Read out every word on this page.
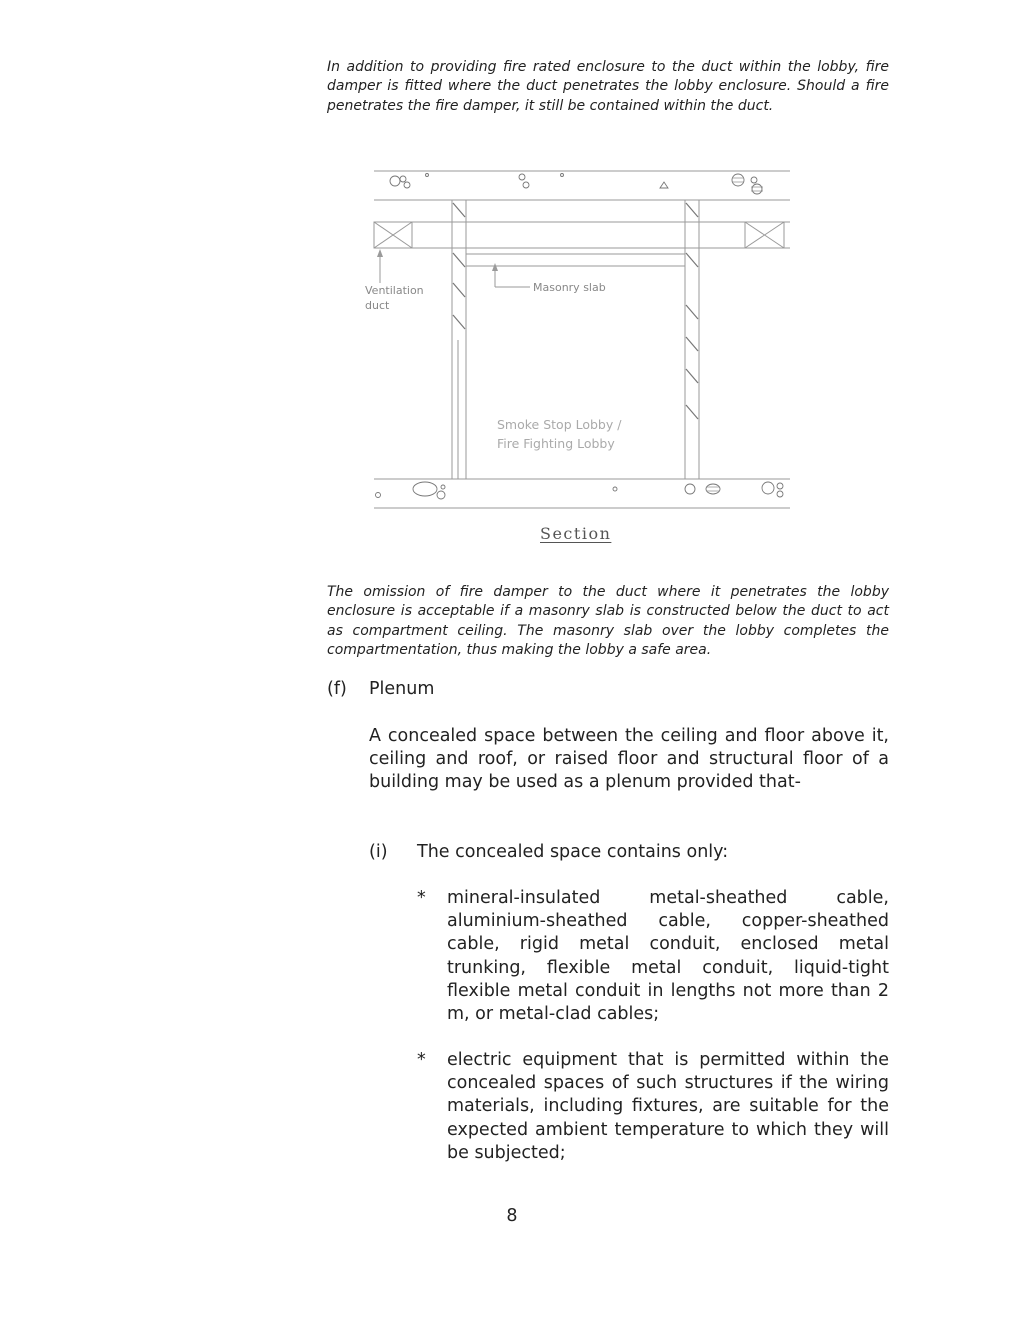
In addition to providing fire rated enclosure to the duct within the lobby, fire damper is fitted where the duct penetrates the lobby enclosure. Should a fire penetrates the fire damper, it still be contained within the duct.

Ventilation
duct
Masonry slab
Smoke Stop Lobby /
Fire Fighting Lobby
Section

The omission of fire damper to the duct where it penetrates the lobby enclosure is acceptable if a masonry slab is constructed below the duct to act as compartment ceiling. The masonry slab over the lobby completes the compartmentation, thus making the lobby a safe area.

(f) Plenum

A concealed space between the ceiling and floor above it, ceiling and roof, or raised floor and structural floor of a building may be used as a plenum provided that-

(i) The concealed space contains only:
* mineral-insulated metal-sheathed cable, aluminium-sheathed cable, copper-sheathed cable, rigid metal conduit, enclosed metal trunking, flexible metal conduit, liquid-tight flexible metal conduit in lengths not more than 2 m, or metal-clad cables;

* electric equipment that is permitted within the concealed spaces of such structures if the wiring materials, including fixtures, are suitable for the expected ambient temperature to which they will be subjected;

8
